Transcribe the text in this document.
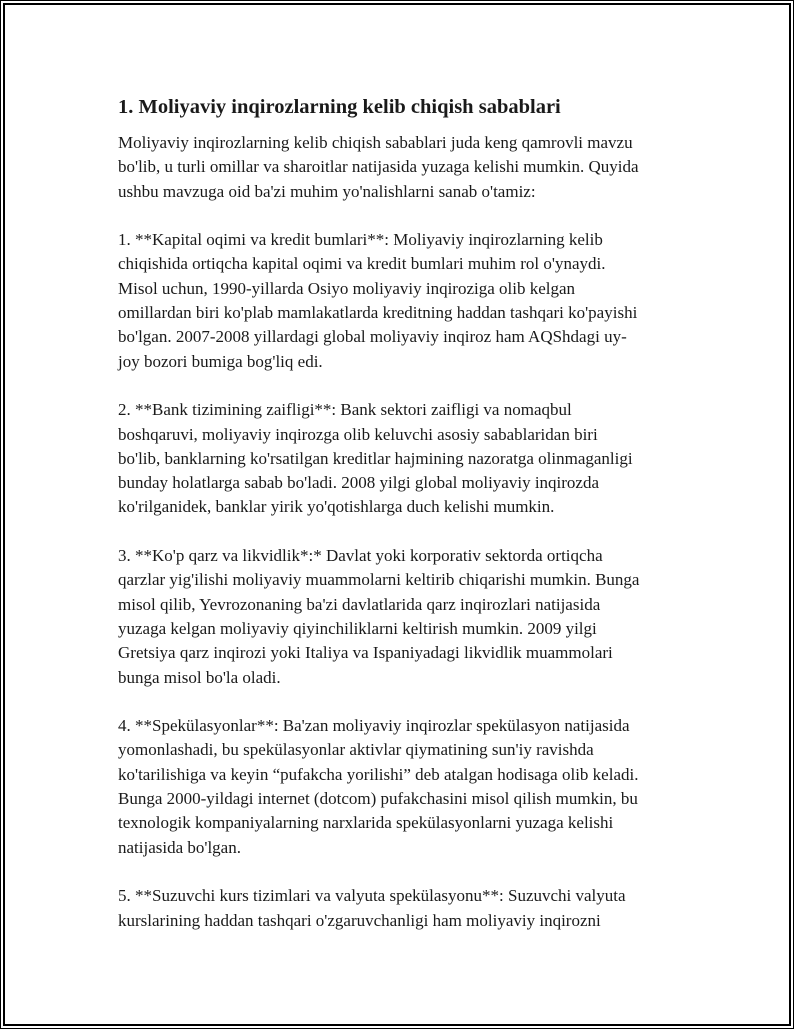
1. Moliyaviy inqirozlarning kelib chiqish sabablari

Moliyaviy inqirozlarning kelib chiqish sabablari juda keng qamrovli mavzu
bo'lib, u turli omillar va sharoitlar natijasida yuzaga kelishi mumkin. Quyida
ushbu mavzuga oid ba'zi muhim yo'nalishlarni sanab o'tamiz:

1. **Kapital oqimi va kredit bumlari**: Moliyaviy inqirozlarning kelib
chiqishida ortiqcha kapital oqimi va kredit bumlari muhim rol o'ynaydi.
Misol uchun, 1990-yillarda Osiyo moliyaviy inqiroziga olib kelgan
omillardan biri ko'plab mamlakatlarda kreditning haddan tashqari ko'payishi
bo'lgan. 2007-2008 yillardagi global moliyaviy inqiroz ham AQShdagi uy-
joy bozori bumiga bog'liq edi.

2. **Bank tizimining zaifligi**: Bank sektori zaifligi va nomaqbul
boshqaruvi, moliyaviy inqirozga olib keluvchi asosiy sabablaridan biri
bo'lib, banklarning ko'rsatilgan kreditlar hajmining nazoratga olinmaganligi
bunday holatlarga sabab bo'ladi. 2008 yilgi global moliyaviy inqirozda
ko'rilganidek, banklar yirik yo'qotishlarga duch kelishi mumkin.

3. **Ko'p qarz va likvidlik*:* Davlat yoki korporativ sektorda ortiqcha
qarzlar yig'ilishi moliyaviy muammolarni keltirib chiqarishi mumkin. Bunga
misol qilib, Yevrozonaning ba'zi davlatlarida qarz inqirozlari natijasida
yuzaga kelgan moliyaviy qiyinchiliklarni keltirish mumkin. 2009 yilgi
Gretsiya qarz inqirozi yoki Italiya va Ispaniyadagi likvidlik muammolari
bunga misol bo'la oladi.

4. **Spekülasyonlar**: Ba'zan moliyaviy inqirozlar spekülasyon natijasida
yomonlashadi, bu spekülasyonlar aktivlar qiymatining sun'iy ravishda
ko'tarilishiga va keyin “pufakcha yorilishi” deb atalgan hodisaga olib keladi.
Bunga 2000-yildagi internet (dotcom) pufakchasini misol qilish mumkin, bu
texnologik kompaniyalarning narxlarida spekülasyonlarni yuzaga kelishi
natijasida bo'lgan.

5. **Suzuvchi kurs tizimlari va valyuta spekülasyonu**: Suzuvchi valyuta
kurslarining haddan tashqari o'zgaruvchanligi ham moliyaviy inqirozni
